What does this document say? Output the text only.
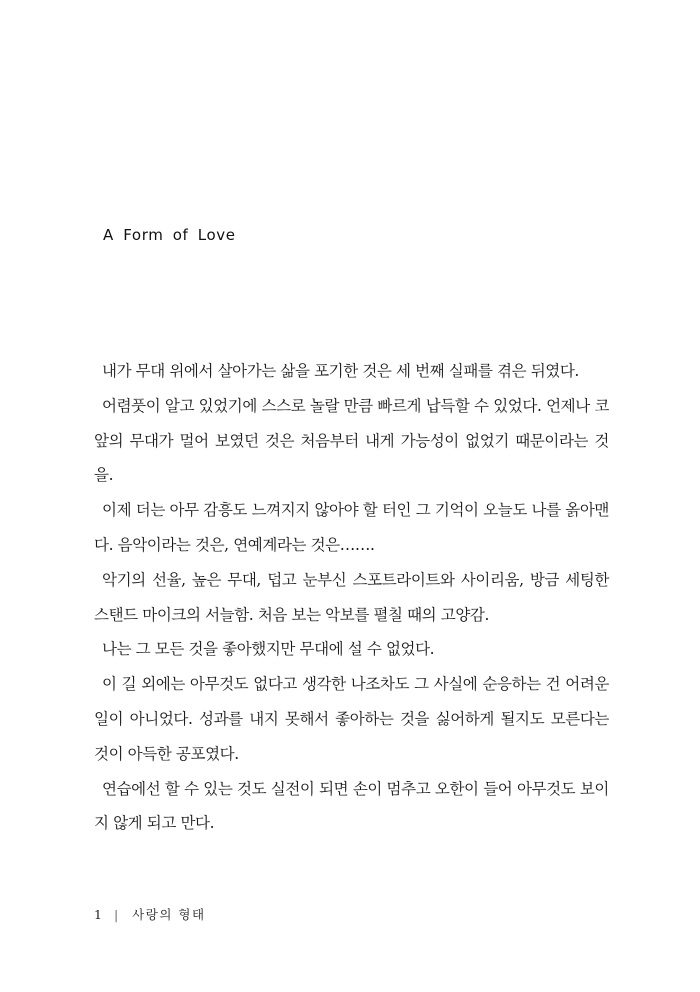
A Form of Love

내가 무대 위에서 살아가는 삶을 포기한 것은 세 번째 실패를 겪은 뒤였다.

어렴풋이 알고 있었기에 스스로 놀랄 만큼 빠르게 납득할 수 있었다. 언제나 코앞의 무대가 멀어 보였던 것은 처음부터 내게 가능성이 없었기 때문이라는 것을.

이제 더는 아무 감흥도 느껴지지 않아야 할 터인 그 기억이 오늘도 나를 옭아맨다. 음악이라는 것은, 연예계라는 것은…….

악기의 선율, 높은 무대, 덥고 눈부신 스포트라이트와 사이리움, 방금 세팅한 스탠드 마이크의 서늘함. 처음 보는 악보를 펼칠 때의 고양감.

나는 그 모든 것을 좋아했지만 무대에 설 수 없었다.

이 길 외에는 아무것도 없다고 생각한 나조차도 그 사실에 순응하는 건 어려운 일이 아니었다. 성과를 내지 못해서 좋아하는 것을 싫어하게 될지도 모른다는 것이 아득한 공포였다.

연습에선 할 수 있는 것도 실전이 되면 손이 멈추고 오한이 들어 아무것도 보이지 않게 되고 만다.

1 | 사랑의 형태
